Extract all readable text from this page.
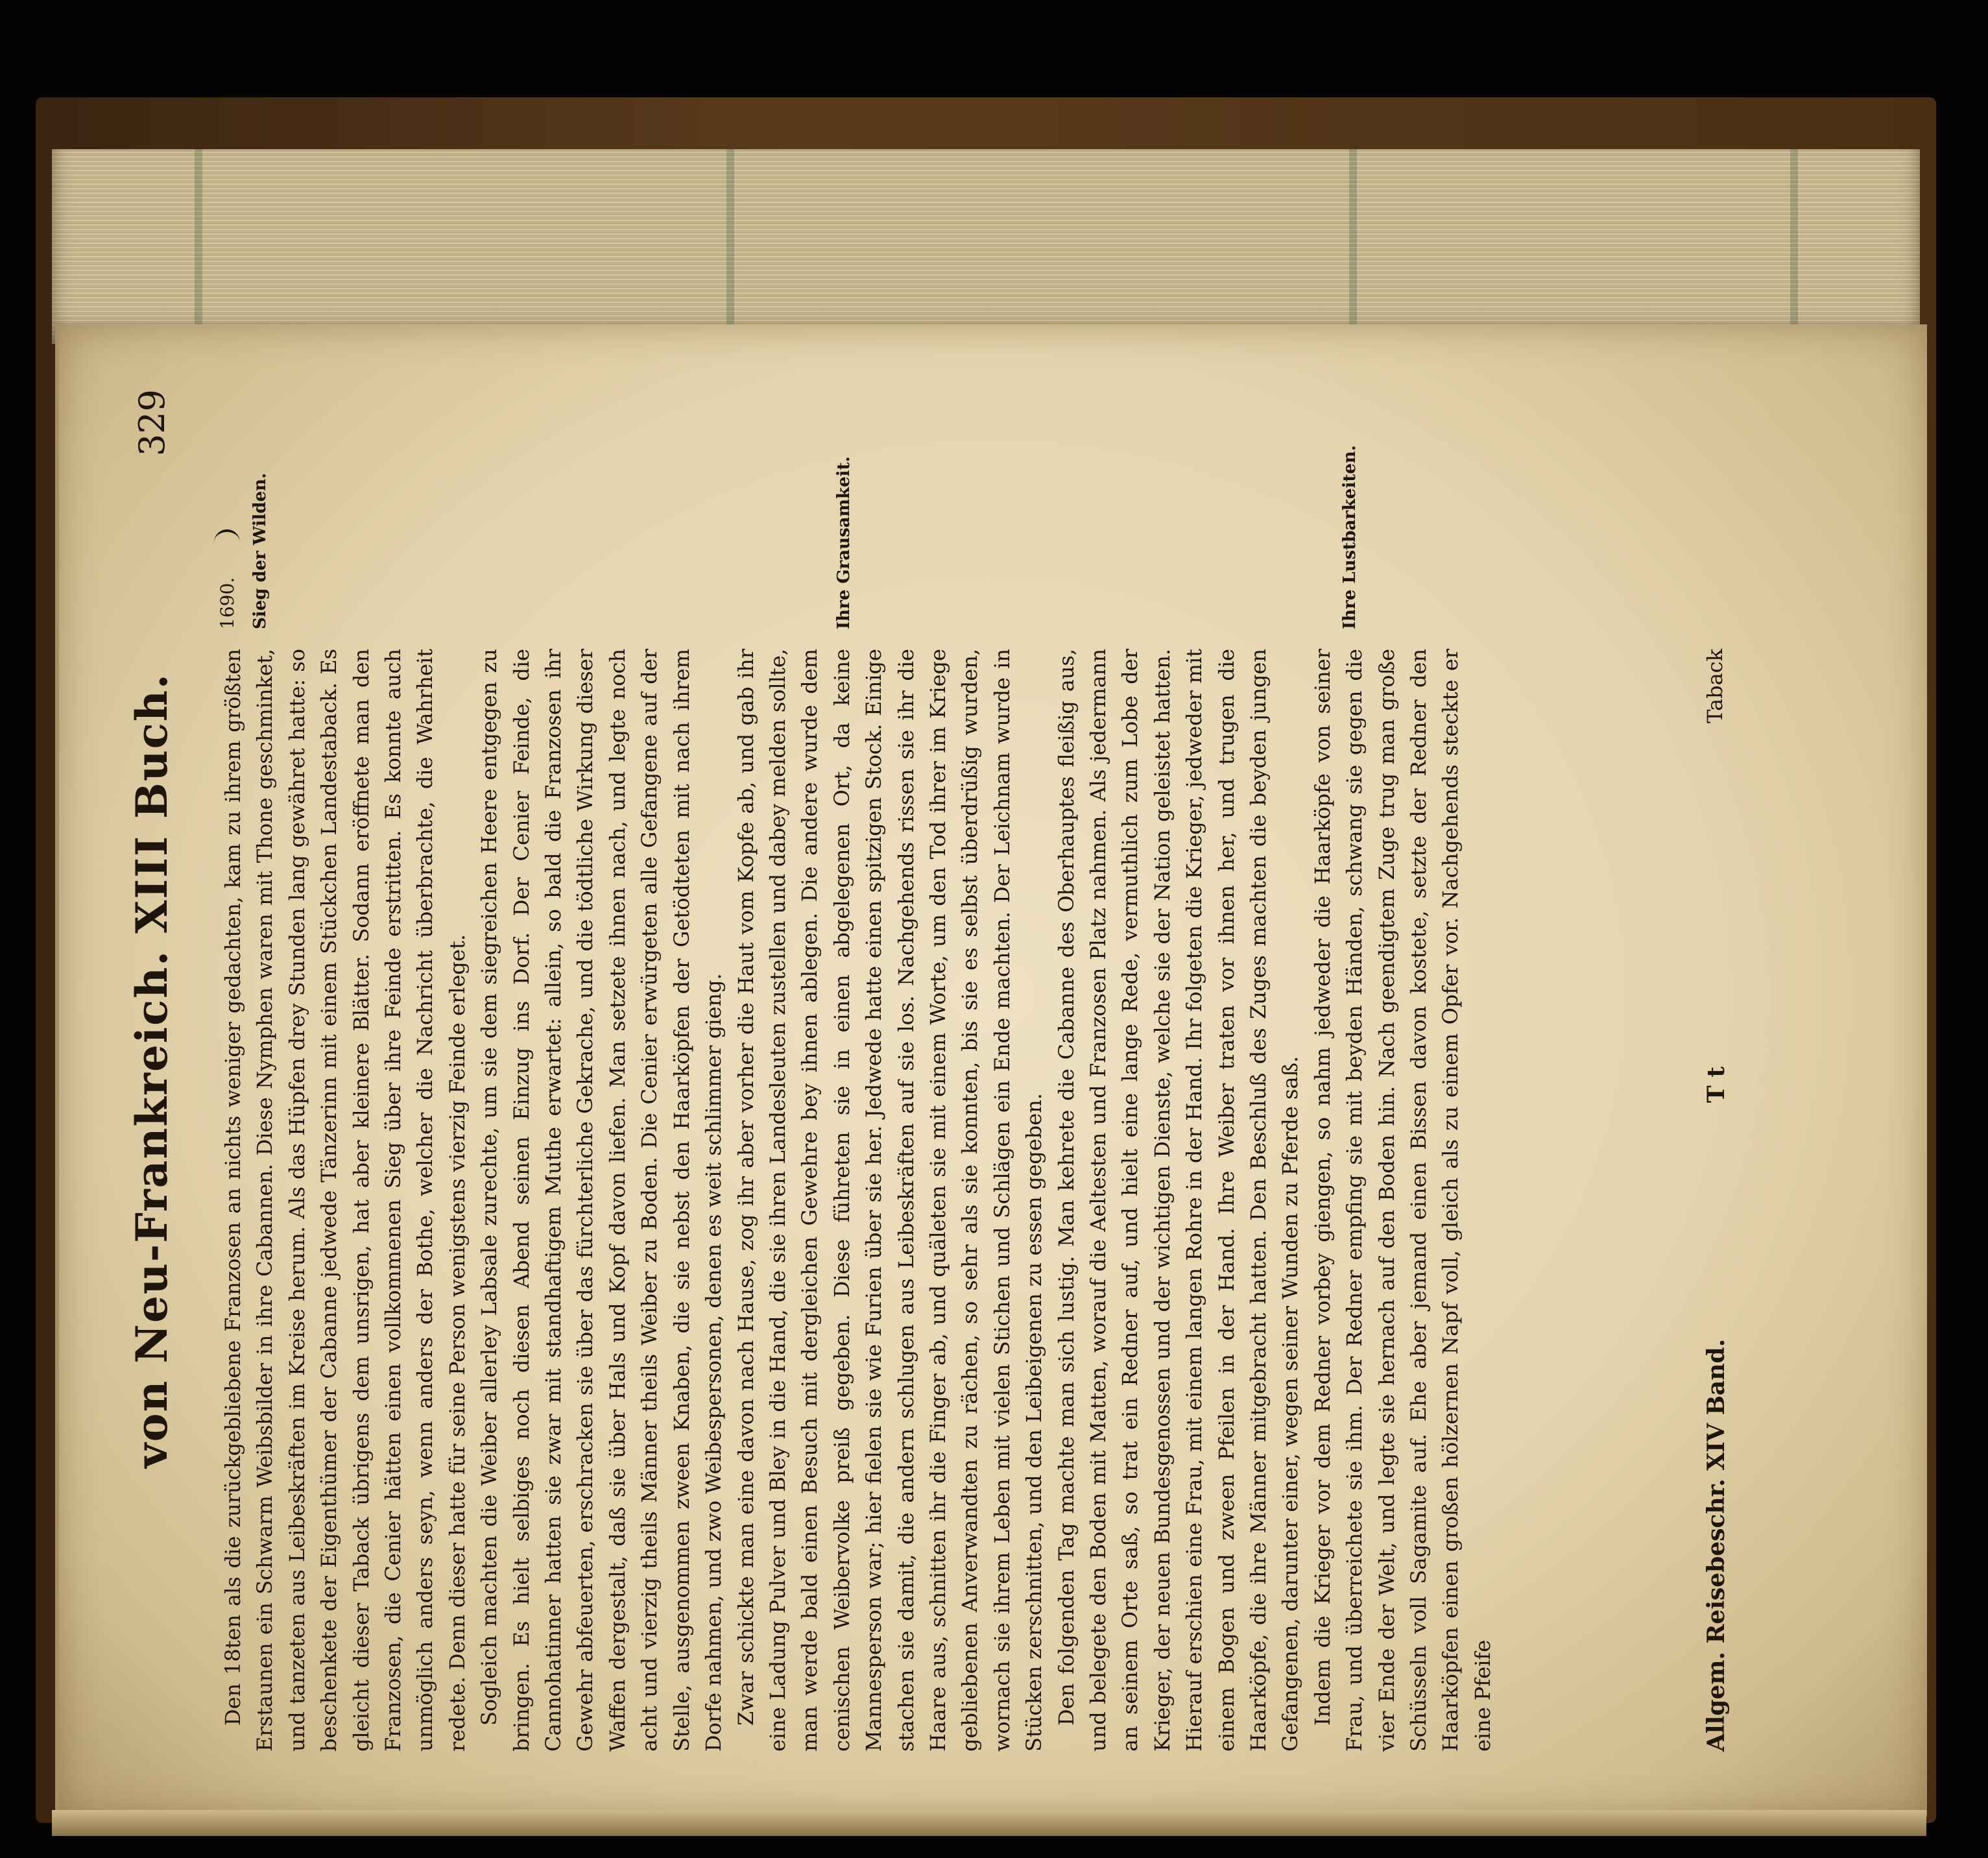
von Neu-Frankreich. XIII Buch.
329

Den 18ten als die zurückgebliebene Franzosen an nichts weniger gedachten, kam zu ihrem größten Erstaunen ein Schwarm Weibsbilder in ihre Cabannen. Diese Nymphen waren mit Thone geschminket, und tanzeten aus Leibeskräften im Kreise herum. Als das Hüpfen drey Stunden lang gewähret hatte: so beschenkete der Eigenthümer der Cabanne jedwede Tänzerinn mit einem Stückchen Landestaback. Es gleicht dieser Taback übrigens dem unsrigen, hat aber kleinere Blätter. Sodann eröffnete man den Franzosen, die Cenier hätten einen vollkommenen Sieg über ihre Feinde erstritten. Es konnte auch unmöglich anders seyn, wenn anders der Bothe, welcher die Nachricht überbrachte, die Wahrheit redete. Denn dieser hatte für seine Person wenigstens vierzig Feinde erleget. Sogleich machten die Weiber allerley Labsale zurechte, um sie dem siegreichen Heere entgegen zu bringen. Es hielt selbiges noch diesen Abend seinen Einzug ins Dorf. Der Cenier Feinde, die Cannohatinner hatten sie zwar mit standhaftigem Muthe erwartet: allein, so bald die Franzosen ihr Gewehr abfeuerten, erschracken sie über das fürchterliche Gekrache, und die tödtliche Wirkung dieser Waffen dergestalt, daß sie über Hals und Kopf davon liefen. Man setzete ihnen nach, und legte noch acht und vierzig theils Männer theils Weiber zu Boden. Die Cenier erwürgeten alle Gefangene auf der Stelle, ausgenommen zween Knaben, die sie nebst den Haarköpfen der Getödteten mit nach ihrem Dorfe nahmen, und zwo Weibespersonen, denen es weit schlimmer gieng. Zwar schickte man eine davon nach Hause, zog ihr aber vorher die Haut vom Kopfe ab, und gab ihr eine Ladung Pulver und Bley in die Hand, die sie ihren Landesleuten zustellen und dabey melden sollte, man werde bald einen Besuch mit dergleichen Gewehre bey ihnen ablegen. Die andere wurde dem cenischen Weibervolke preiß gegeben. Diese führeten sie in einen abgelegenen Ort, da keine Mannesperson war; hier fielen sie wie Furien über sie her. Jedwede hatte einen spitzigen Stock. Einige stachen sie damit, die andern schlugen aus Leibeskräften auf sie los. Nachgehends rissen sie ihr die Haare aus, schnitten ihr die Finger ab, und quäleten sie mit einem Worte, um den Tod ihrer im Kriege gebliebenen Anverwandten zu rächen, so sehr als sie konnten, bis sie es selbst überdrüßig wurden, wornach sie ihrem Leben mit vielen Stichen und Schlägen ein Ende machten. Der Leichnam wurde in Stücken zerschnitten, und den Leibeigenen zu essen gegeben. Den folgenden Tag machte man sich lustig. Man kehrete die Cabanne des Oberhauptes fleißig aus, und belegete den Boden mit Matten, worauf die Aeltesten und Franzosen Platz nahmen. Als jedermann an seinem Orte saß, so trat ein Redner auf, und hielt eine lange Rede, vermuthlich zum Lobe der Krieger, der neuen Bundesgenossen und der wichtigen Dienste, welche sie der Nation geleistet hatten. Hierauf erschien eine Frau, mit einem langen Rohre in der Hand. Ihr folgeten die Krieger, jedweder mit einem Bogen und zween Pfeilen in der Hand. Ihre Weiber traten vor ihnen her, und trugen die Haarköpfe, die ihre Männer mitgebracht hatten. Den Beschluß des Zuges machten die beyden jungen Gefangenen, darunter einer, wegen seiner Wunden zu Pferde saß. Indem die Krieger vor dem Redner vorbey giengen, so nahm jedweder die Haarköpfe von seiner Frau, und überreichete sie ihm. Der Redner empfing sie mit beyden Händen, schwang sie gegen die vier Ende der Welt, und legte sie hernach auf den Boden hin. Nach geendigtem Zuge trug man große Schüsseln voll Sagamite auf. Ehe aber jemand einen Bissen davon kostete, setzte der Redner den Haarköpfen einen großen hölzernen Napf voll, gleich als zu einem Opfer vor. Nachgehends steckte er eine Pfeife	Allgem. Reisebeschr. XIV Band.
T t
Taback
1690. Sieg der Wilden.	Ihre Grausamkeit.	Ihre Lustbarkeiten.
